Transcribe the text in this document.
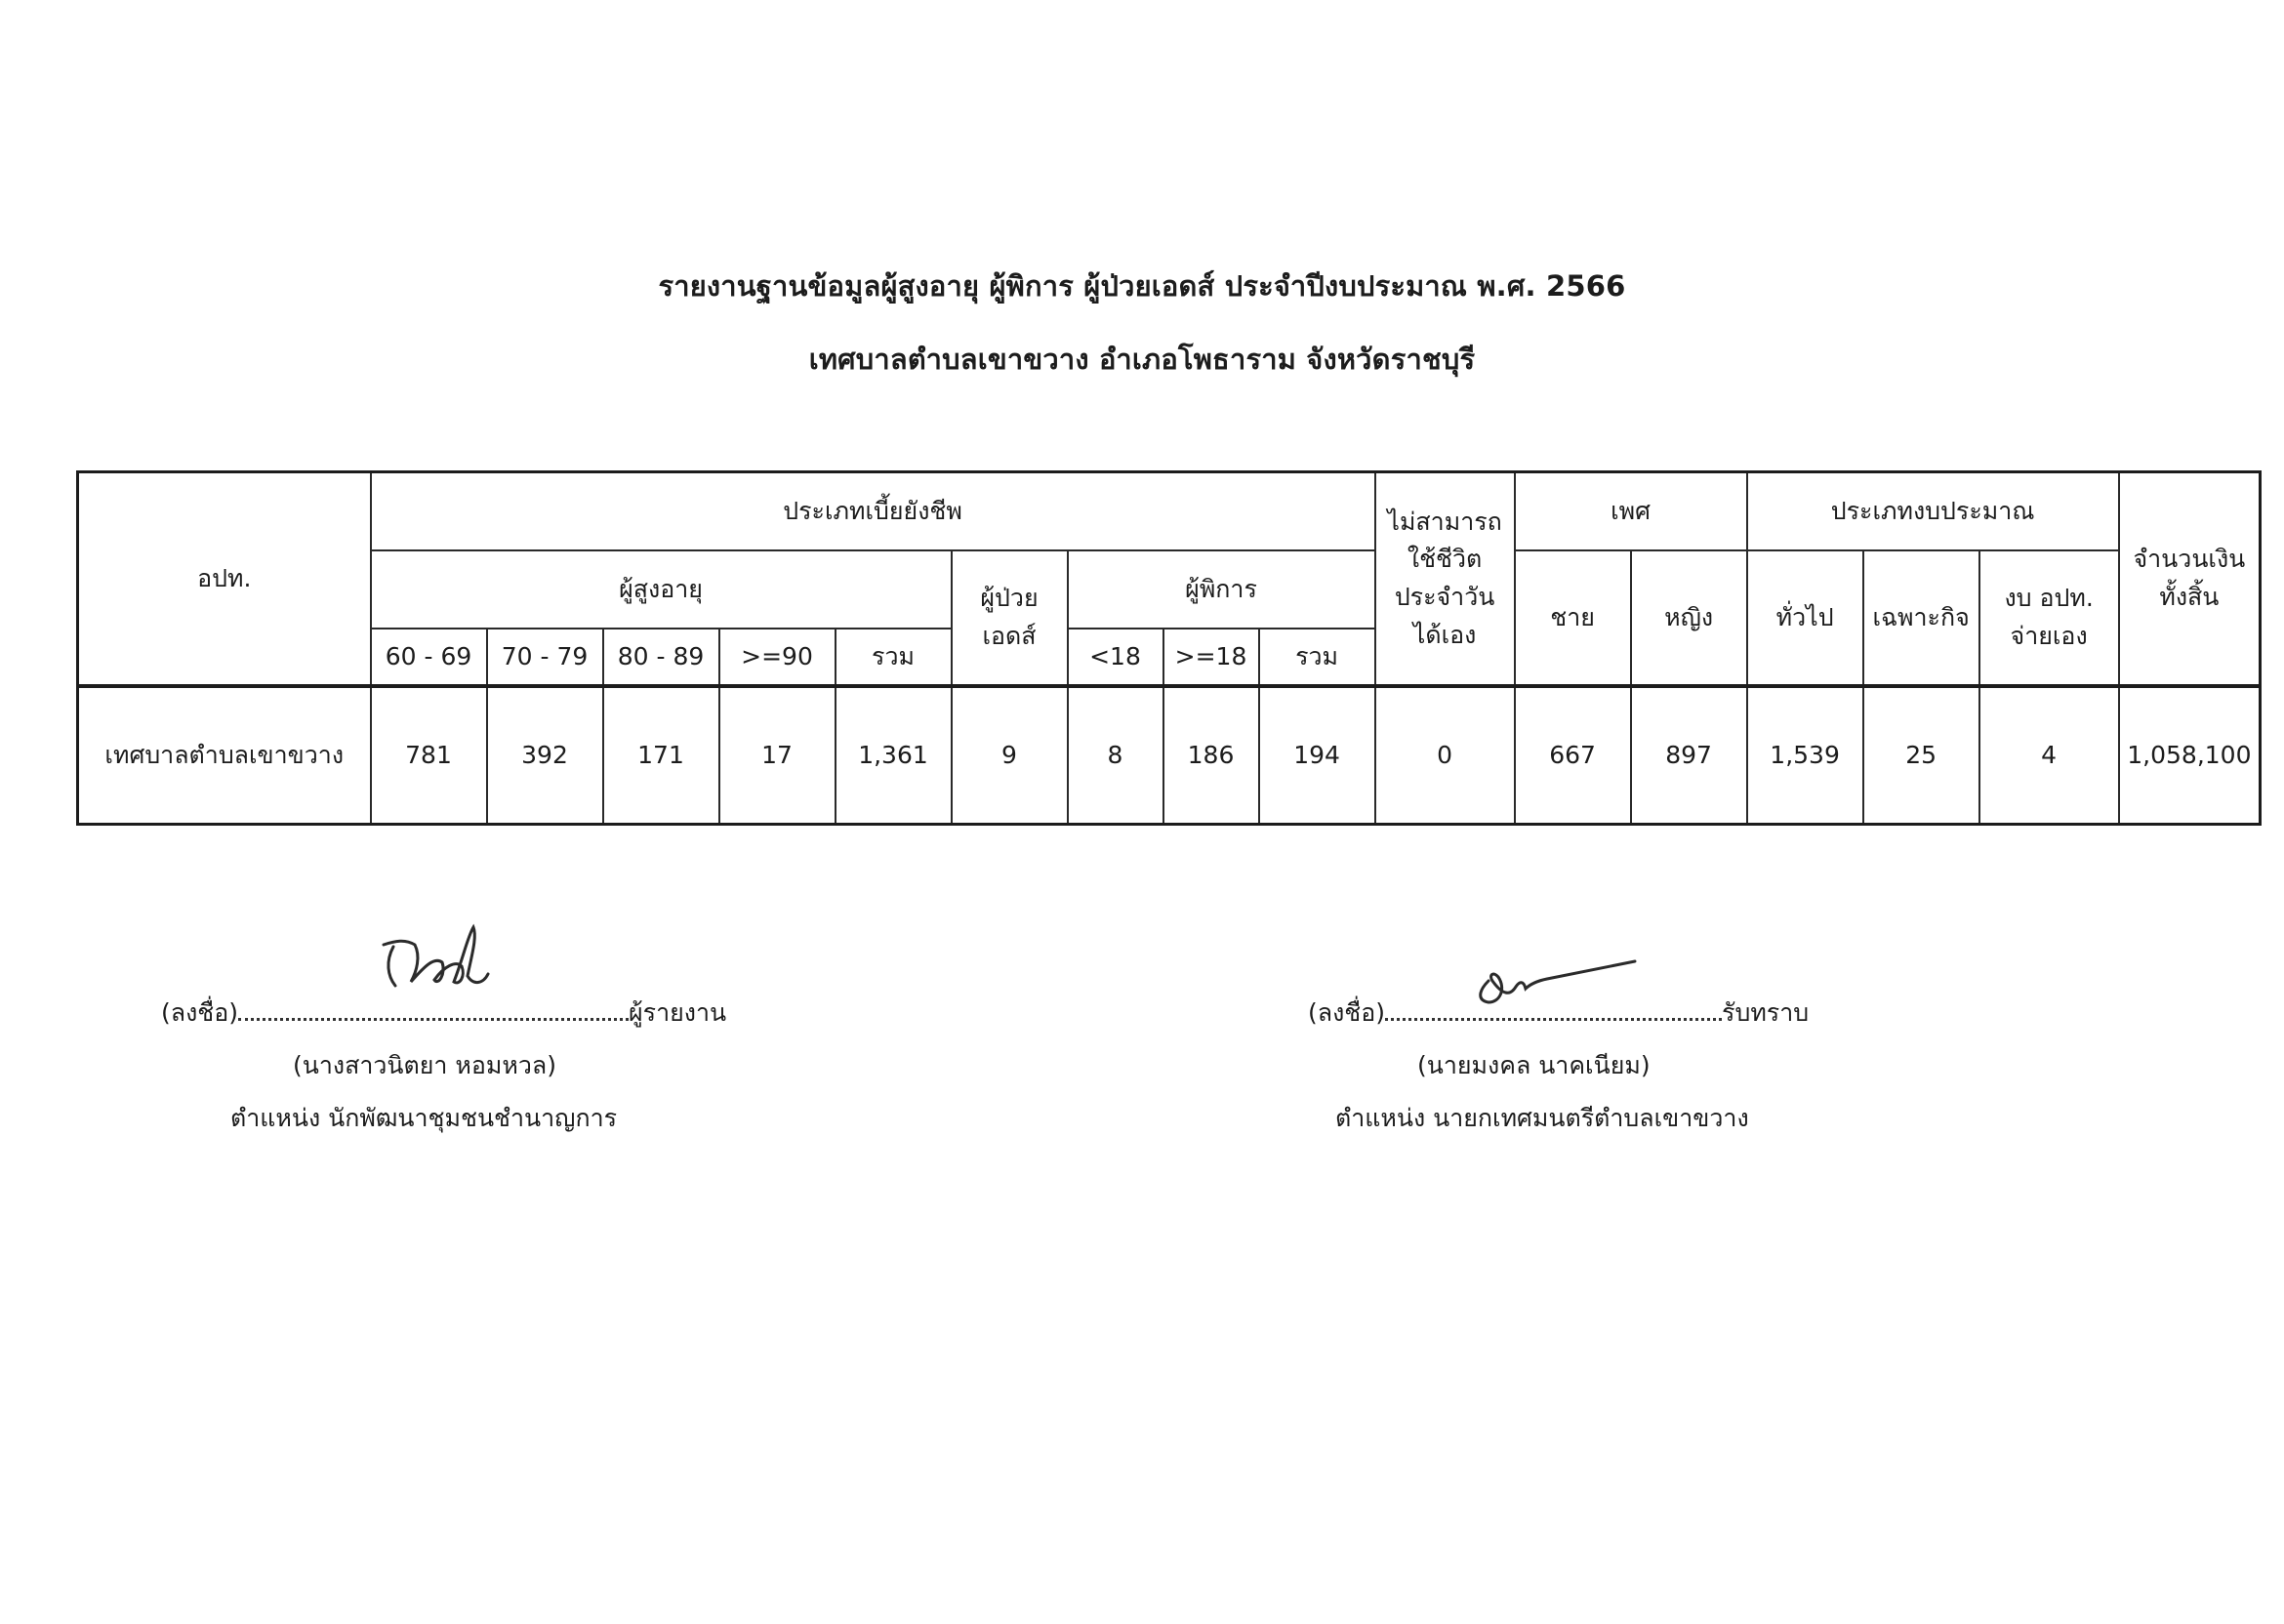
รายงานฐานข้อมูลผู้สูงอายุ ผู้พิการ ผู้ป่วยเอดส์ ประจำปีงบประมาณ พ.ศ. 2566
เทศบาลตำบลเขาขวาง อำเภอโพธาราม จังหวัดราชบุรี
อปท.	ประเภทเบี้ยยังชีพ									ไม่สามารถ ใช้ชีวิต ประจำวัน ได้เอง	เพศ		ประเภทงบประมาณ			จำนวนเงิน ทั้งสิ้น
	ผู้สูงอายุ					ผู้ป่วย เอดส์	ผู้พิการ				ชาย	หญิง	ทั่วไป	เฉพาะกิจ	งบ อปท. จ่ายเอง	
	60 - 69	70 - 79	80 - 89	>=90	รวม		<18	>=18	รวม							
เทศบาลตำบลเขาขวาง	781	392	171	17	1,361	9	8	186	194	0	667	897	1,539	25	4	1,058,100
(ลงชื่อ)	ผู้รายงาน
(นางสาวนิตยา หอมหวล)
ตำแหน่ง นักพัฒนาชุมชนชำนาญการ
(ลงชื่อ)	รับทราบ
(นายมงคล นาคเนียม)
ตำแหน่ง นายกเทศมนตรีตำบลเขาขวาง
